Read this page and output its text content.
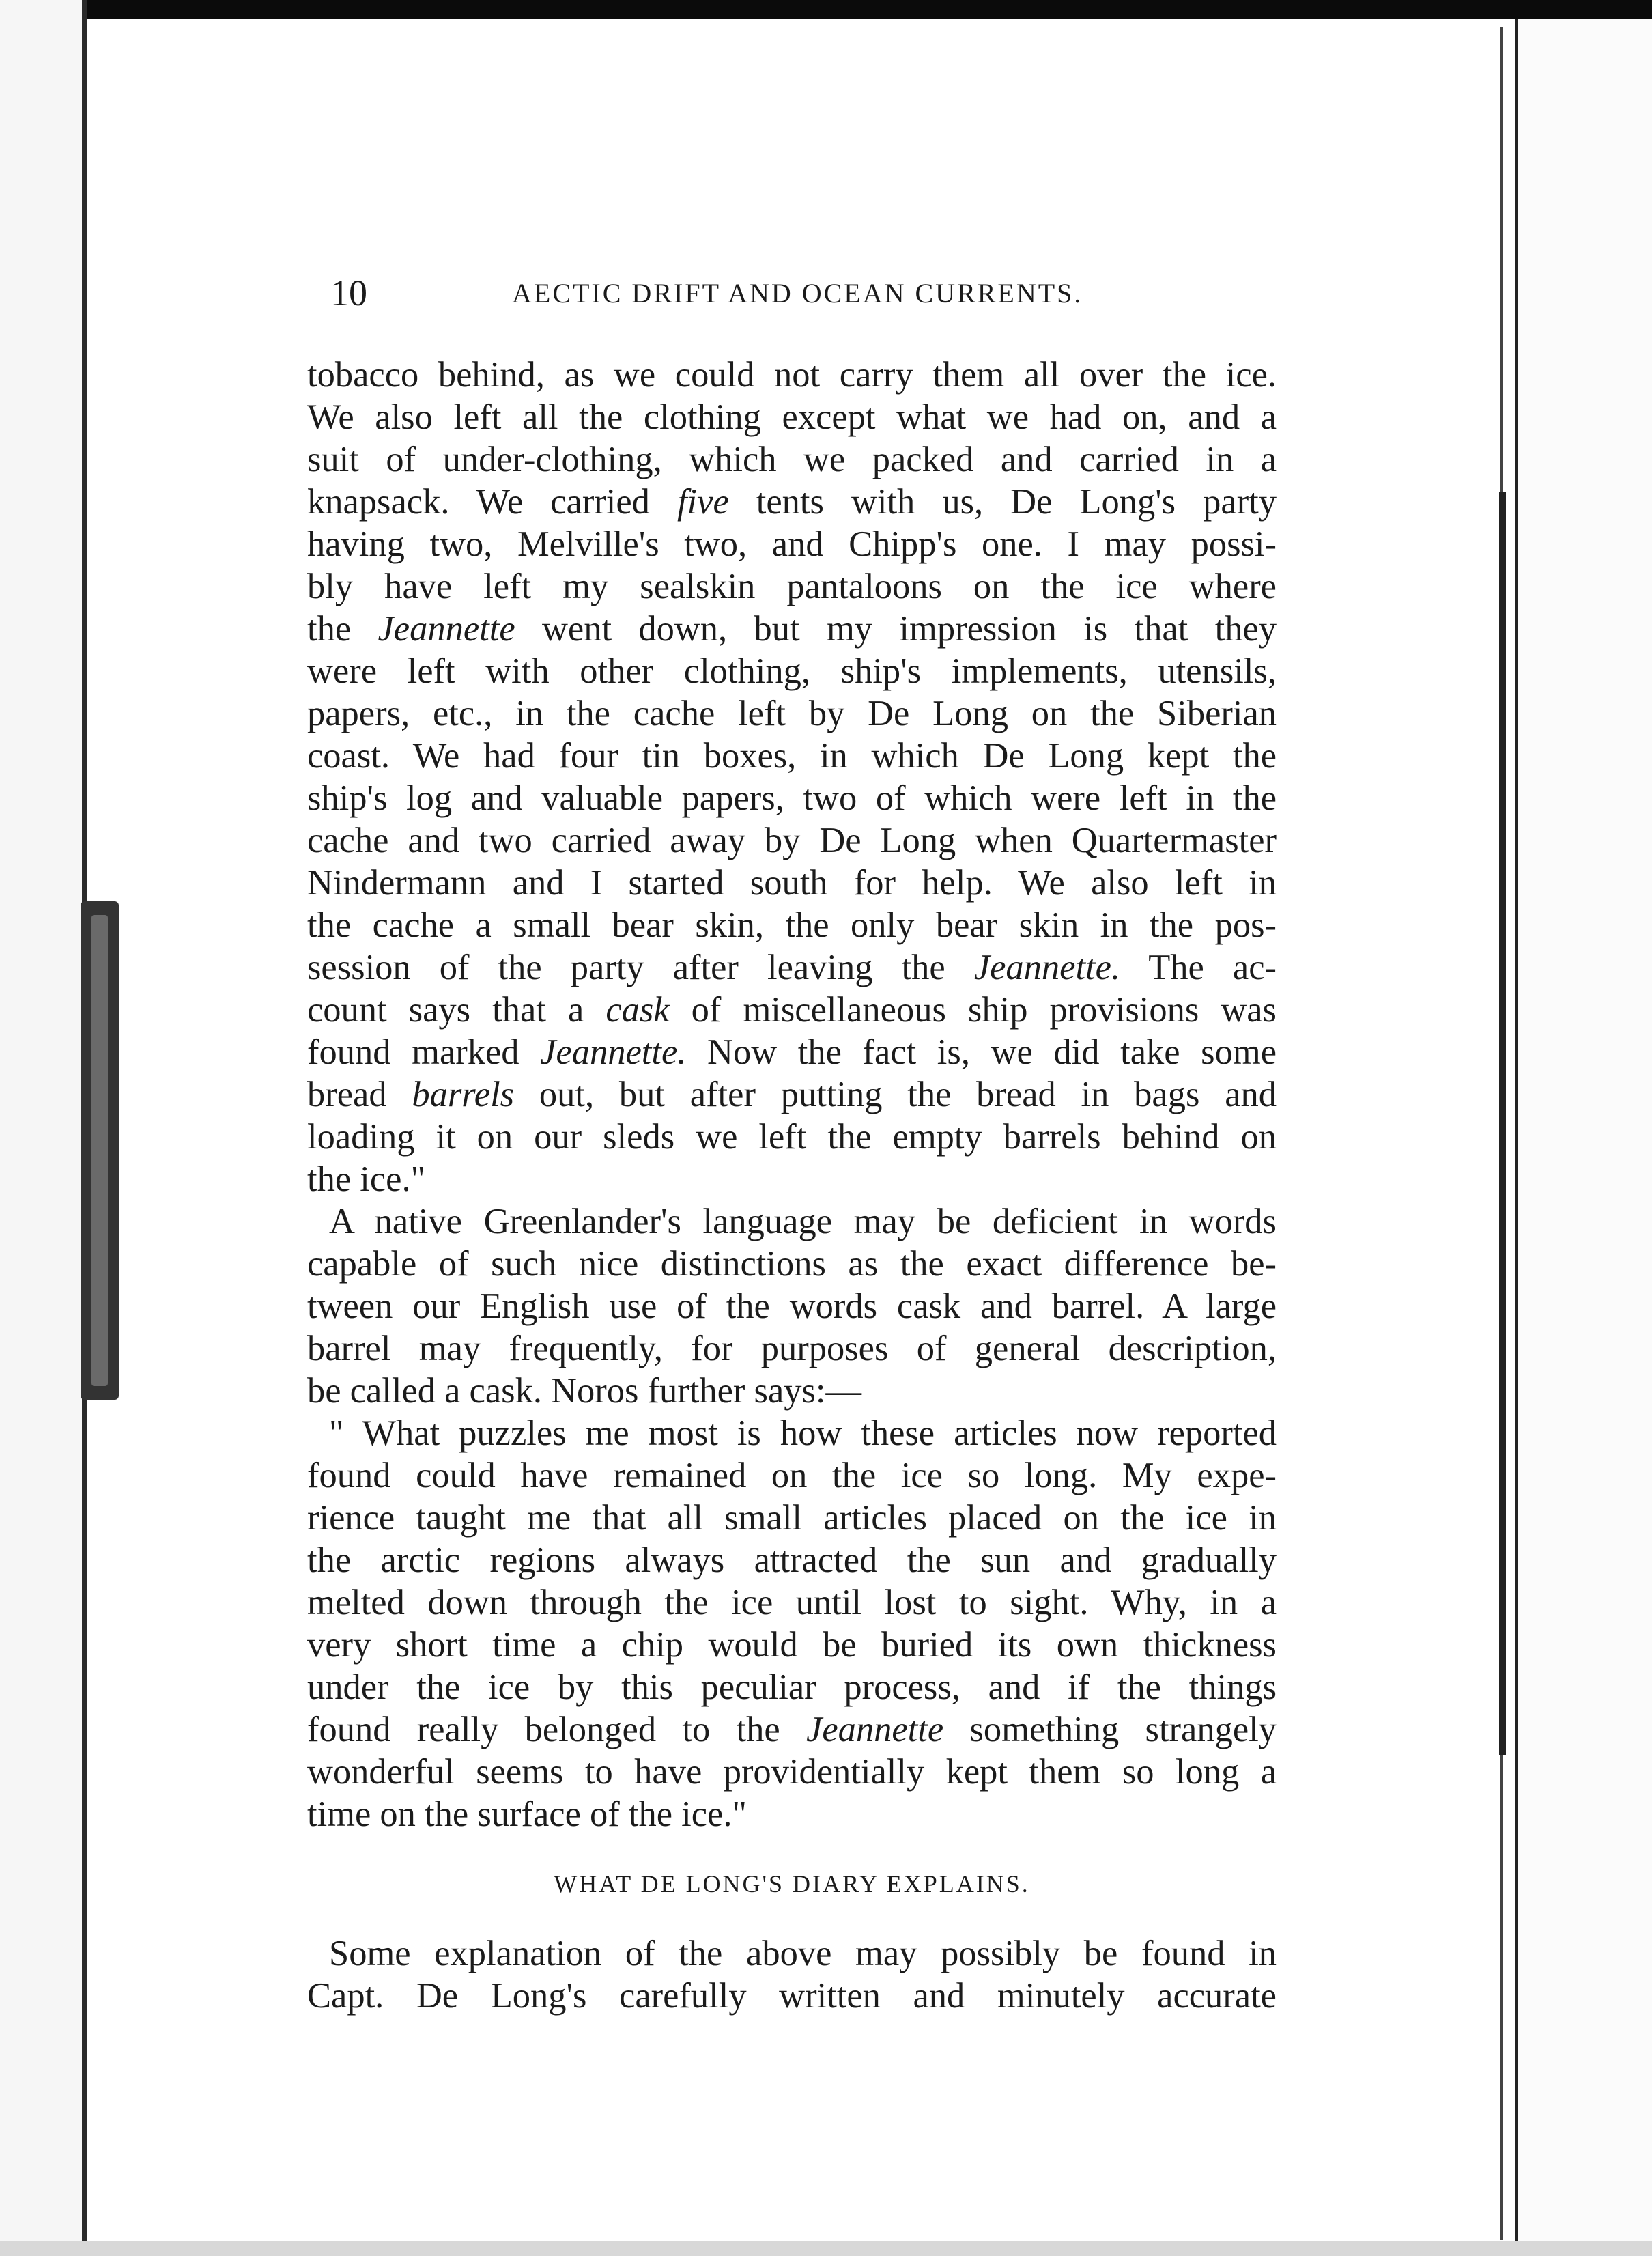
10	AECTIC DRIFT AND OCEAN CURRENTS.
tobacco behind, as we could not carry them all over the ice.
We also left all the clothing except what we had on, and a
suit of under-clothing, which we packed and carried in a
knapsack. We carried five tents with us, De Long's party
having two, Melville's two, and Chipp's one. I may possi-
bly have left my sealskin pantaloons on the ice where
the Jeannette went down, but my impression is that they
were left with other clothing, ship's implements, utensils,
papers, etc., in the cache left by De Long on the Siberian
coast. We had four tin boxes, in which De Long kept the
ship's log and valuable papers, two of which were left in the
cache and two carried away by De Long when Quartermaster
Nindermann and I started south for help. We also left in
the cache a small bear skin, the only bear skin in the pos-
session of the party after leaving the Jeannette. The ac-
count says that a cask of miscellaneous ship provisions was
found marked Jeannette. Now the fact is, we did take some
bread barrels out, but after putting the bread in bags and
loading it on our sleds we left the empty barrels behind on
the ice."
A native Greenlander's language may be deficient in words
capable of such nice distinctions as the exact difference be-
tween our English use of the words cask and barrel. A large
barrel may frequently, for purposes of general description,
be called a cask. Noros further says:—
" What puzzles me most is how these articles now reported
found could have remained on the ice so long. My expe-
rience taught me that all small articles placed on the ice in
the arctic regions always attracted the sun and gradually
melted down through the ice until lost to sight. Why, in a
very short time a chip would be buried its own thickness
under the ice by this peculiar process, and if the things
found really belonged to the Jeannette something strangely
wonderful seems to have providentially kept them so long a
time on the surface of the ice."
WHAT DE LONG'S DIARY EXPLAINS.
Some explanation of the above may possibly be found in
Capt. De Long's carefully written and minutely accurate
